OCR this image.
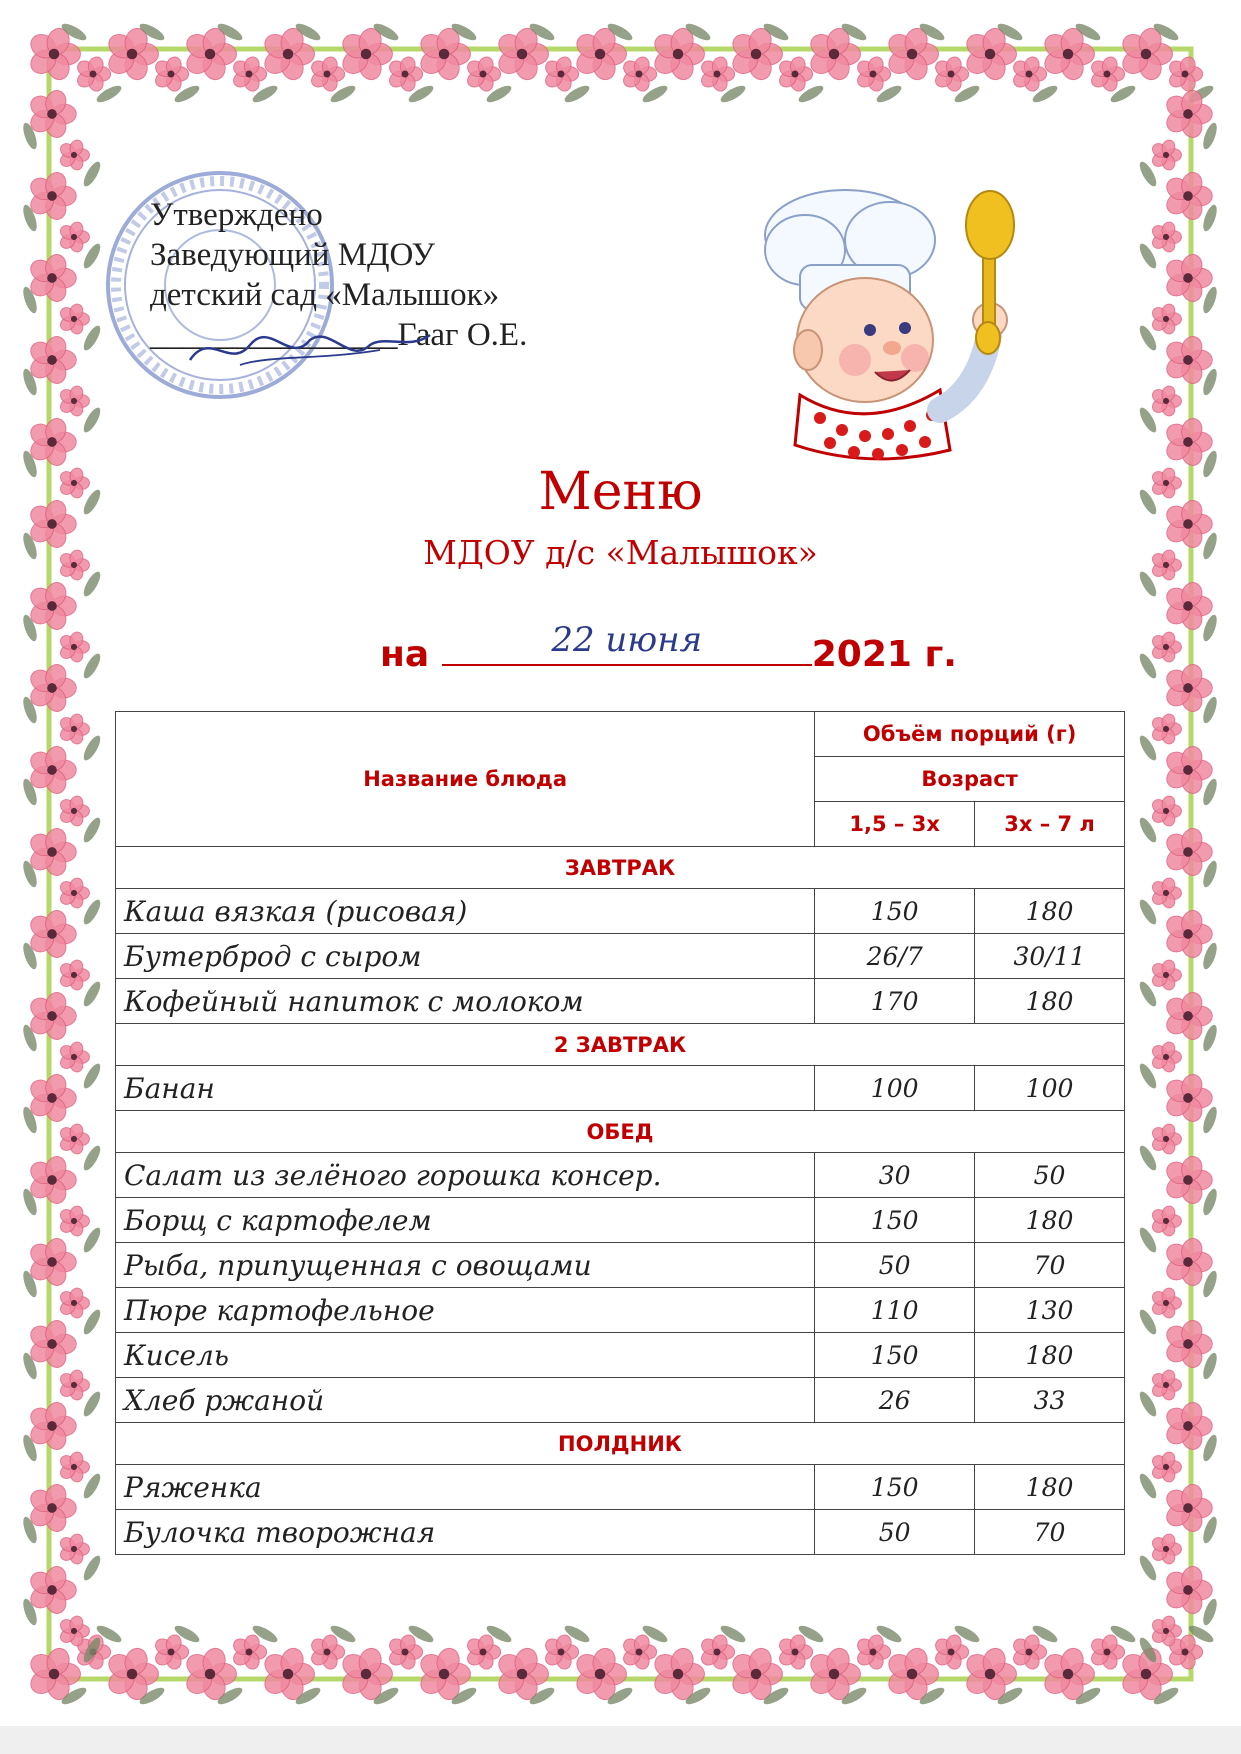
Утверждено
Заведующий МДОУ
детский сад «Малышок»
_______________Гааг О.Е.
Меню
МДОУ д/с «Малышок»
на	22 июня	2021 г.
Название блюда	Объём порций (г)	
	Возраст	
	1,5 – 3х	3х – 7 л
ЗАВТРАК		
Каша вязкая (рисовая)	150	180
Бутерброд с сыром	26/7	30/11
Кофейный напиток с молоком	170	180
2 ЗАВТРАК		
Банан	100	100
ОБЕД		
Салат из зелёного горошка консер.	30	50
Борщ с картофелем	150	180
Рыба, припущенная с овощами	50	70
Пюре картофельное	110	130
Кисель	150	180
Хлеб ржаной	26	33
ПОЛДНИК		
Ряженка	150	180
Булочка творожная	50	70
